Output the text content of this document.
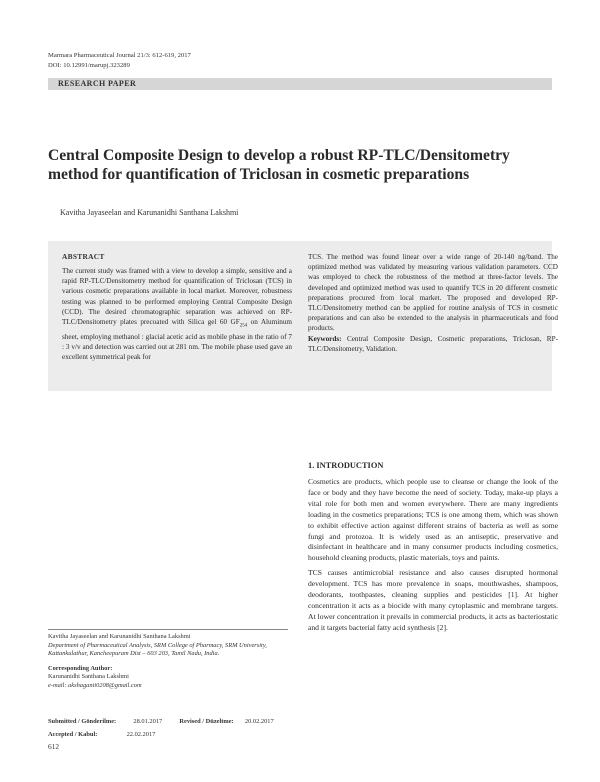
Marmara Pharmaceutical Journal 21/3: 612-619, 2017
DOI: 10.12991/marupj.323289
RESEARCH PAPER
Central Composite Design to develop a robust RP-TLC/Densitometry method for quantification of Triclosan in cosmetic preparations
Kavitha Jayaseelan and Karunanidhi Santhana Lakshmi
ABSTRACT
The current study was framed with a view to develop a simple, sensitive and a rapid RP-TLC/Densitometry method for quantification of Triclosan (TCS) in various cosmetic preparations available in local market. Moreover, robustness testing was planned to be performed employing Central Composite Design (CCD). The desired chromatographic separation was achieved on RP-TLC/Densitometry plates precoated with Silica gel 60 $GF_{254}$ on Aluminum sheet, employing methanol : glacial acetic acid as mobile phase in the ratio of 7 : 3 v/v and detection was carried out at 281 nm. The mobile phase used gave an excellent symmetrical peak for
TCS. The method was found linear over a wide range of 20-140 ng/band. The optimized method was validated by measuring various validation parameters. CCD was employed to check the robustness of the method at three-factor levels. The developed and optimized method was used to quantify TCS in 20 different cosmetic preparations procured from local market. The proposed and developed RP-TLC/Densitometry method can be applied for routine analysis of TCS in cosmetic preparations and can also be extended to the analysis in pharmaceuticals and food products.
Keywords: Central Composite Design, Cosmetic preparations, Triclosan, RP-TLC/Densitometry, Validation.
1. INTRODUCTION

Cosmetics are products, which people use to cleanse or change the look of the face or body and they have become the need of society. Today, make-up plays a vital role for both men and women everywhere. There are many ingredients loading in the cosmetics preparations; TCS is one among them, which was shown to exhibit effective action against different strains of bacteria as well as some fungi and protozoa. It is widely used as an antiseptic, preservative and disinfectant in healthcare and in many consumer products including cosmetics, household cleaning products, plastic materials, toys and paints.

TCS causes antimicrobial resistance and also causes disrupted hormonal development. TCS has more prevalence in soaps, mouthwashes, shampoos, deodorants, toothpastes, cleaning supplies and pesticides [1]. At higher concentration it acts as a biocide with many cytoplasmic and membrane targets. At lower concentration it prevails in commercial products, it acts as bacteriostatic and it targets bacterial fatty acid synthesis [2].

Kavitha Jayaseelan and Karunanidhi Santhana Lakshmi
Department of Pharmaceutical Analysis, SRM College of Pharmacy, SRM University, Kattankulathur, Kancheepuram Dist – 603 203, Tamil Nadu, India.
Corresponding Author:
Karunanidhi Santhana Lakshmi
e-mail: akshaganti0208@gmail.com
Submitted / Gönderilme:	28.01.2017	Revised / Düzeltme: 20.02.2017
Accepted / Kabul:	22.02.2017
612
